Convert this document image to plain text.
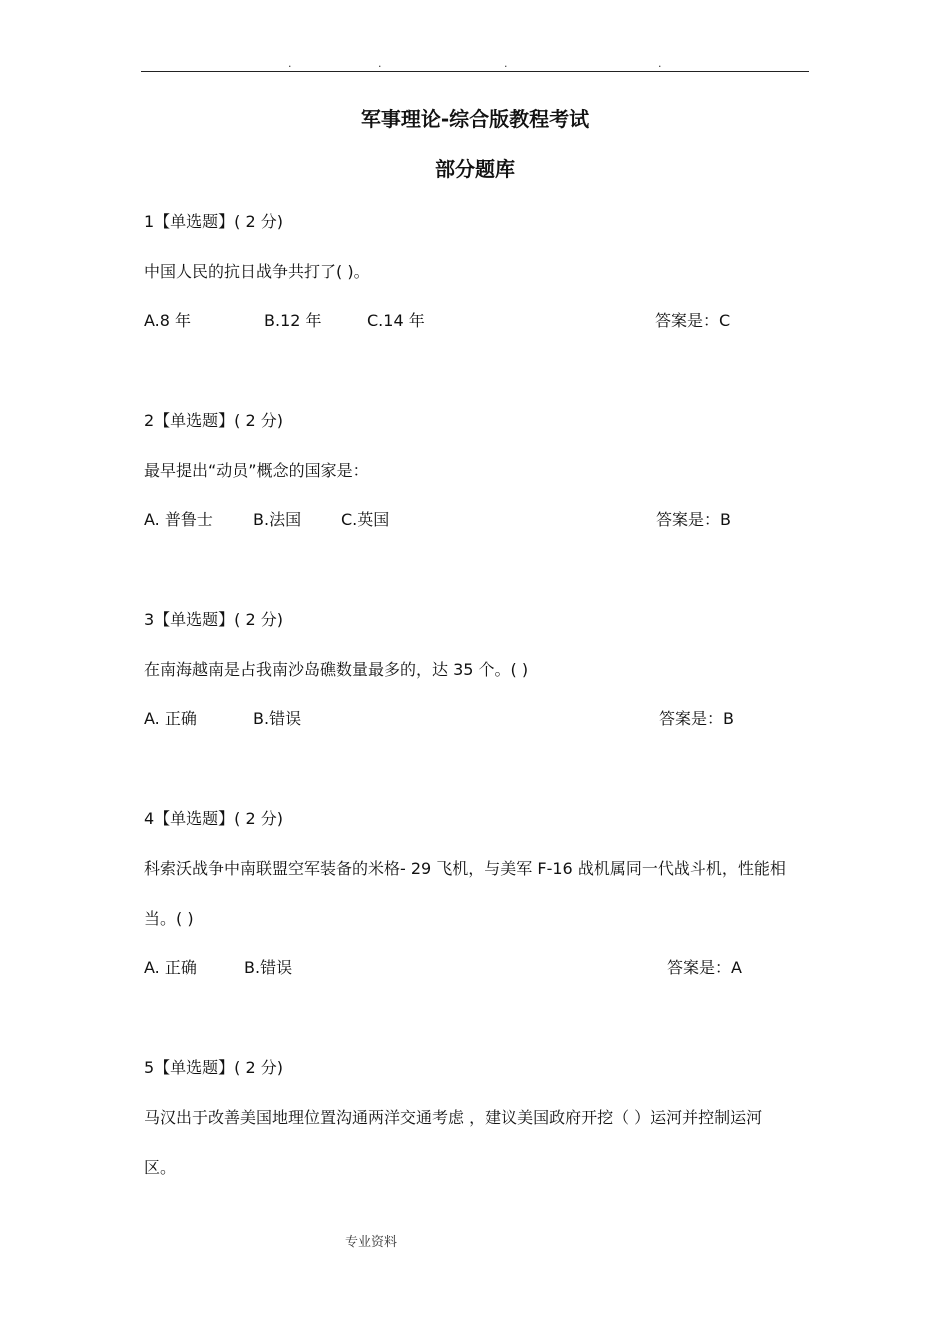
.	.	.	.
军事理论-综合版教程考试
部分题库
1【单选题】( 2 分)
中国人民的抗日战争共打了( )。
A.8 年	B.12 年	C.14 年	答案是：C
2【单选题】( 2 分)
最早提出“动员”概念的国家是：
A. 普鲁士	B.法国 C.英国	答案是：B
3【单选题】( 2 分)
在南海越南是占我南沙岛礁数量最多的，达 35 个。( )
A. 正确	B.错误	答案是：B
4【单选题】( 2 分)
科索沃战争中南联盟空军装备的米格- 29 飞机，与美军 F-16 战机属同一代战斗机，性能相
当。( )
A. 正确	B.错误	答案是：A
5【单选题】( 2 分)
马汉出于改善美国地理位置沟通两洋交通考虑 ，建议美国政府开挖（ ）运河并控制运河
区。
专业资料
